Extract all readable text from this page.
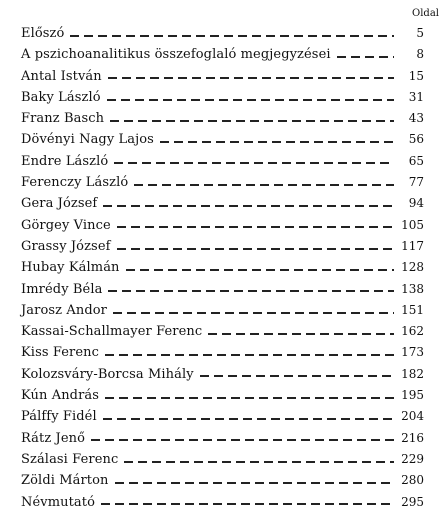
Oldal
Előszó	5
A pszichoanalitikus összefoglaló megjegyzései	8
Antal István	15
Baky László	31
Franz Basch	43
Dövényi Nagy Lajos	56
Endre László	65
Ferenczy László	77
Gera József	94
Görgey Vince	105
Grassy József	117
Hubay Kálmán	128
Imrédy Béla	138
Jarosz Andor	151
Kassai-Schallmayer Ferenc	162
Kiss Ferenc	173
Kolozsváry-Borcsa Mihály	182
Kún András	195
Pálffy Fidél	204
Rátz Jenő	216
Szálasi Ferenc	229
Zöldi Márton	280
Névmutató	295
